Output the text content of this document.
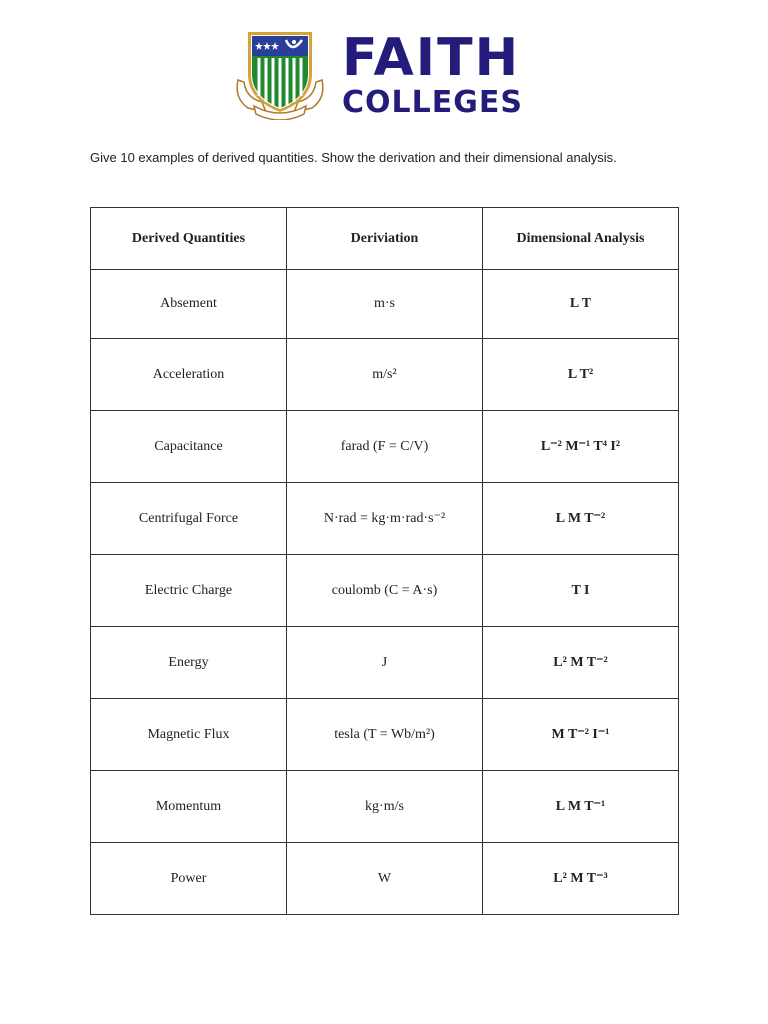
FAITH
COLLEGES
Give 10 examples of derived quantities. Show the derivation and their dimensional analysis.
Derived Quantities	Deriviation	Dimensional Analysis
Absement	m·s	L T
Acceleration	m/s²	L T²
Capacitance	farad (F = C/V)	L⁻² M⁻¹ T⁴ I²
Centrifugal Force	N·rad = kg·m·rad·s⁻²	L M T⁻²
Electric Charge	coulomb (C = A·s)	T I
Energy	J	L² M T⁻²
Magnetic Flux	tesla (T = Wb/m²)	M T⁻² I⁻¹
Momentum	kg·m/s	L M T⁻¹
Power	W	L² M T⁻³
